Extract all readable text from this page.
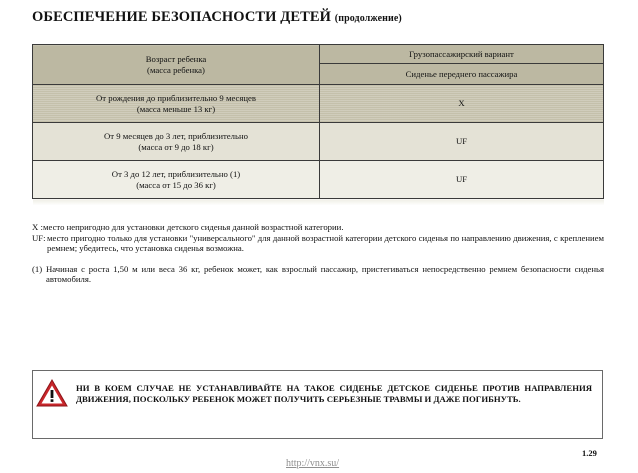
ОБЕСПЕЧЕНИЕ БЕЗОПАСНОСТИ ДЕТЕЙ (продолжение)
Возраст ребенка
(масса ребенка)	Грузопассажирский вариант
	Сиденье переднего пассажира

От рождения до приблизительно 9 месяцев
(масса меньше 13 кг)	X

От 9 месяцев до 3 лет, приблизительно
(масса от 9 до 18 кг)	UF

От 3 до 12 лет, приблизительно (1)
(масса от 15 до 36 кг)	UF

X : место непригодно для установки детского сиденья данной возрастной категории.
UF: место пригодно только для установки "универсального" для данной возрастной категории детского сиденья по направлению движения, с креплением ремнем; убедитесь, что установка сиденья возможна.
(1) Начиная с роста 1,50 м или веса 36 кг, ребенок может, как взрослый пассажир, пристегиваться непосредственно ремнем безопасности сиденья автомобиля.
НИ В КОЕМ СЛУЧАЕ НЕ УСТАНАВЛИВАЙТЕ НА ТАКОЕ СИДЕНЬЕ ДЕТСКОЕ СИДЕНЬЕ ПРОТИВ НАПРАВЛЕНИЯ ДВИЖЕНИЯ, ПОСКОЛЬКУ РЕБЕНОК МОЖЕТ ПОЛУЧИТЬ СЕРЬЕЗНЫЕ ТРАВМЫ И ДАЖЕ ПОГИБНУТЬ.
1.29
http://vnx.su/
